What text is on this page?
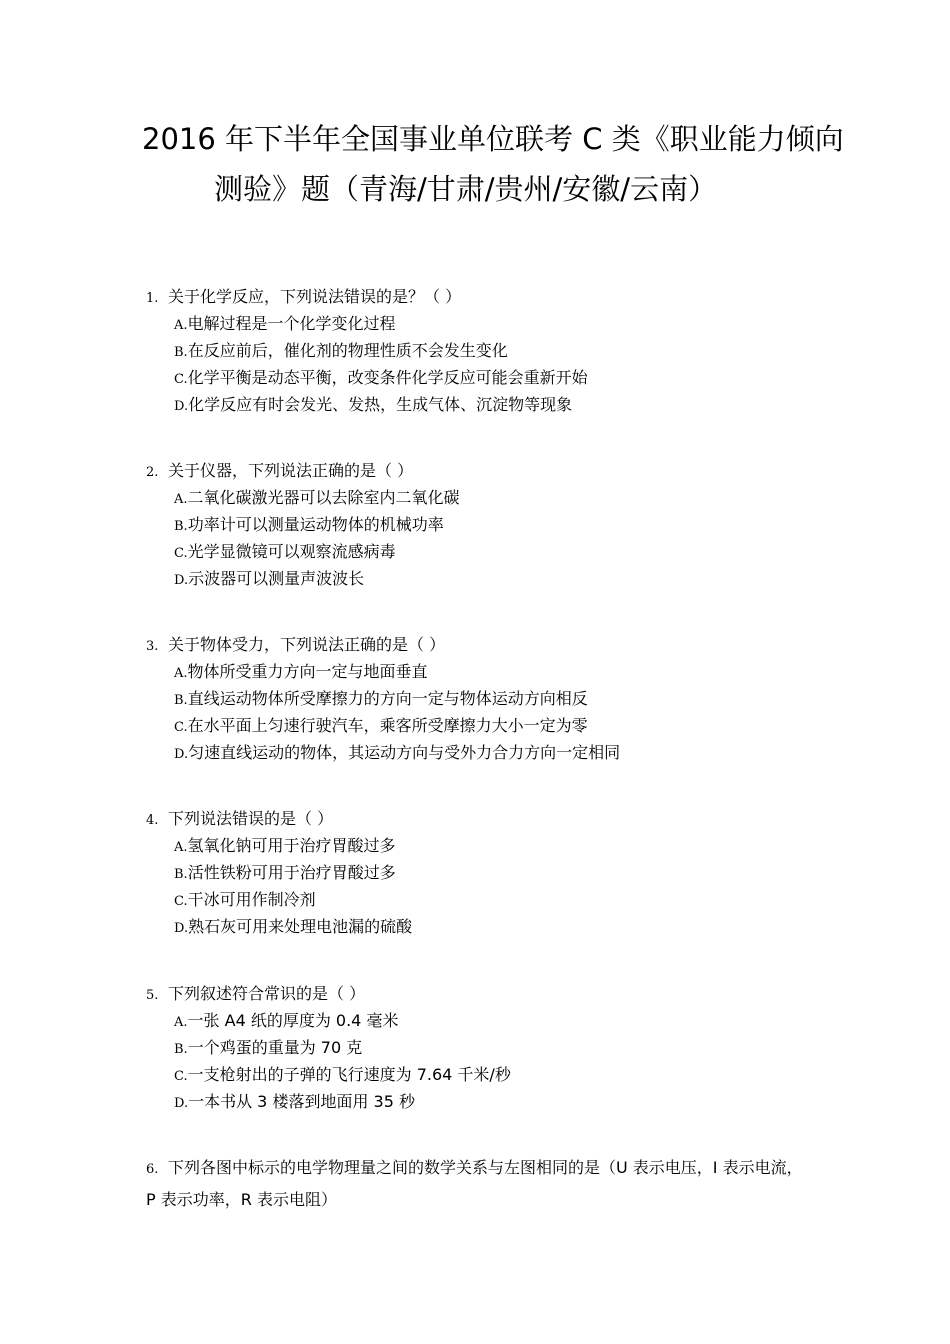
2016 年下半年全国事业单位联考 C 类《职业能力倾向
测验》题（青海/甘肃/贵州/安徽/云南）
1. 关于化学反应，下列说法错误的是？（ ）
A.电解过程是一个化学变化过程
B.在反应前后，催化剂的物理性质不会发生变化
C.化学平衡是动态平衡，改变条件化学反应可能会重新开始
D.化学反应有时会发光、发热，生成气体、沉淀物等现象
2. 关于仪器，下列说法正确的是（ ）
A.二氧化碳激光器可以去除室内二氧化碳
B.功率计可以测量运动物体的机械功率
C.光学显微镜可以观察流感病毒
D.示波器可以测量声波波长
3. 关于物体受力，下列说法正确的是（ ）
A.物体所受重力方向一定与地面垂直
B.直线运动物体所受摩擦力的方向一定与物体运动方向相反
C.在水平面上匀速行驶汽车，乘客所受摩擦力大小一定为零
D.匀速直线运动的物体，其运动方向与受外力合力方向一定相同
4. 下列说法错误的是（ ）
A.氢氧化钠可用于治疗胃酸过多
B.活性铁粉可用于治疗胃酸过多
C.干冰可用作制冷剂
D.熟石灰可用来处理电池漏的硫酸
5. 下列叙述符合常识的是（ ）
A.一张 A4 纸的厚度为 0.4 毫米
B.一个鸡蛋的重量为 70 克
C.一支枪射出的子弹的飞行速度为 7.64 千米/秒
D.一本书从 3 楼落到地面用 35 秒
6. 下列各图中标示的电学物理量之间的数学关系与左图相同的是（U 表示电压，I 表示电流，
P 表示功率，R 表示电阻）
